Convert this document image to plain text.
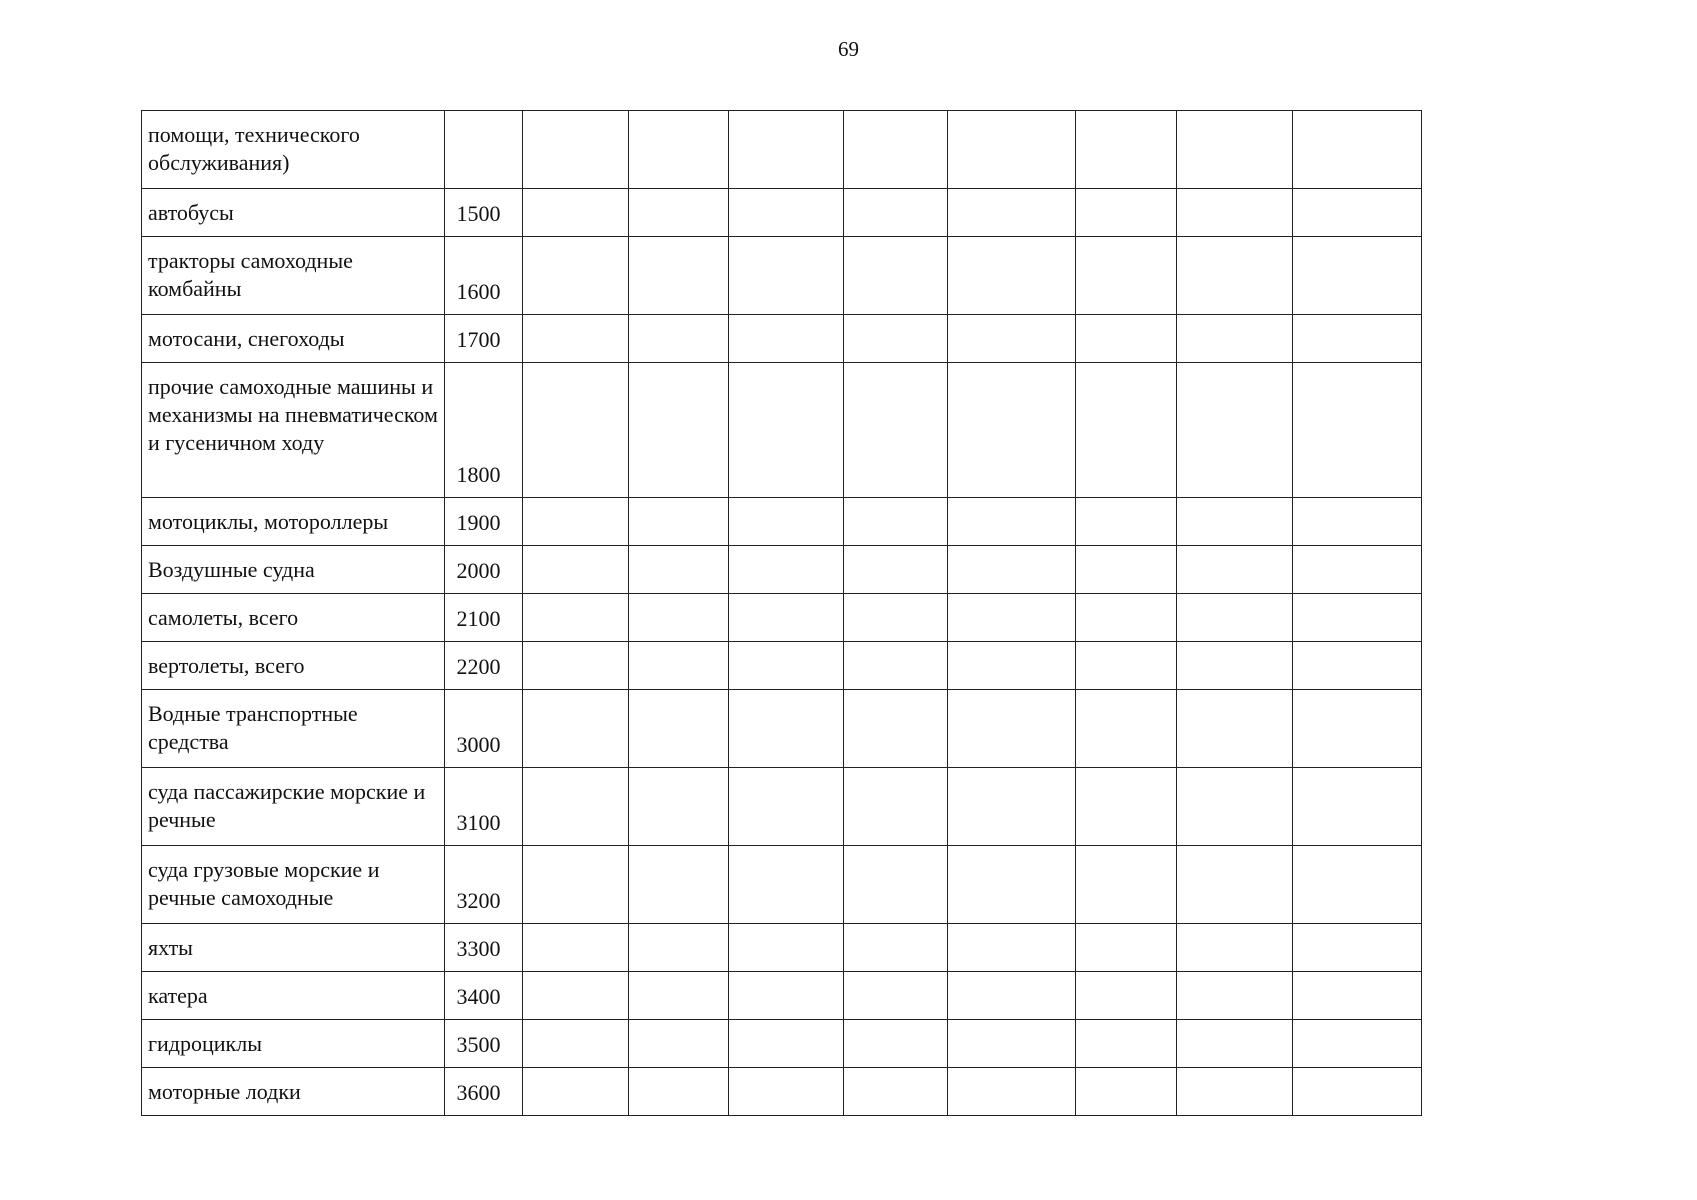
69
помощи, технического обслуживания)									
автобусы	1500								
тракторы самоходные комбайны	1600								
мотосани, снегоходы	1700								
прочие самоходные машины и механизмы на пневматическом и гусеничном ходу	1800								
мотоциклы, мотороллеры	1900								
Воздушные судна	2000								
самолеты, всего	2100								
вертолеты, всего	2200								
Водные транспортные средства	3000								
суда пассажирские морские и речные	3100								
суда грузовые морские и речные самоходные	3200								
яхты	3300								
катера	3400								
гидроциклы	3500								
моторные лодки	3600								
